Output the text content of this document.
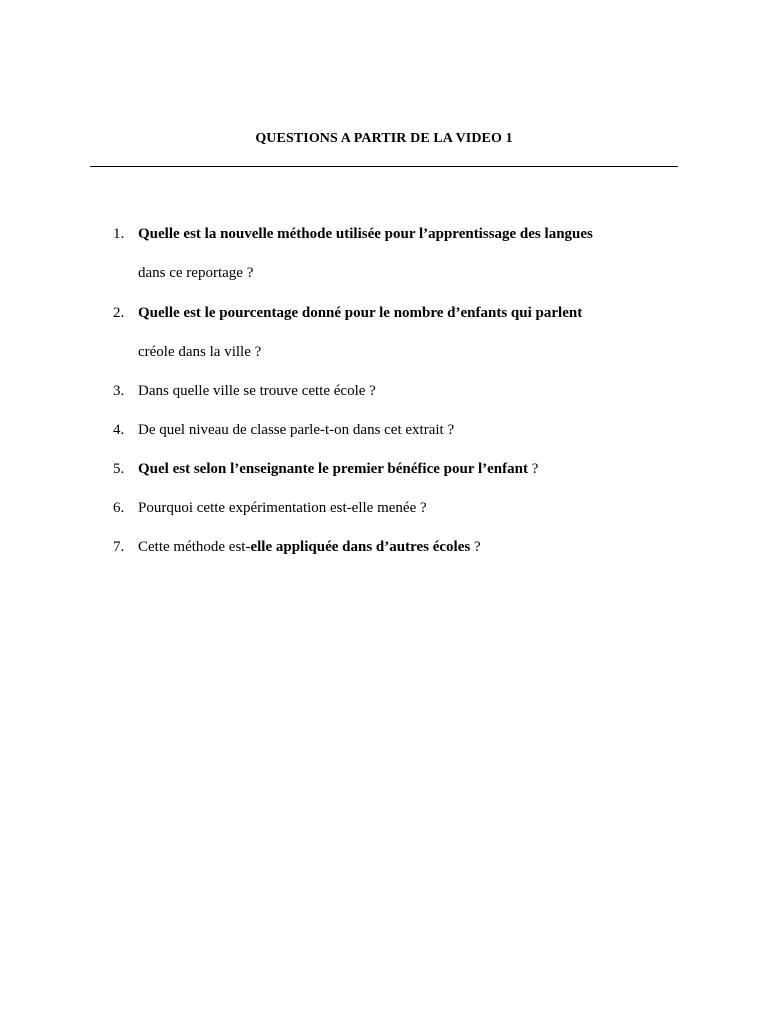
QUESTIONS A PARTIR DE LA VIDEO 1
1. Quelle est la nouvelle méthode utilisée pour l’apprentissage des langues
dans ce reportage ?
2. Quelle est le pourcentage donné pour le nombre d’enfants qui parlent
créole dans la ville ?
3. Dans quelle ville se trouve cette école ?
4. De quel niveau de classe parle-t-on dans cet extrait ?
5. Quel est selon l’enseignante le premier bénéfice pour l’enfant ?
6. Pourquoi cette expérimentation est-elle menée ?
7. Cette méthode est-elle appliquée dans d’autres écoles ?
